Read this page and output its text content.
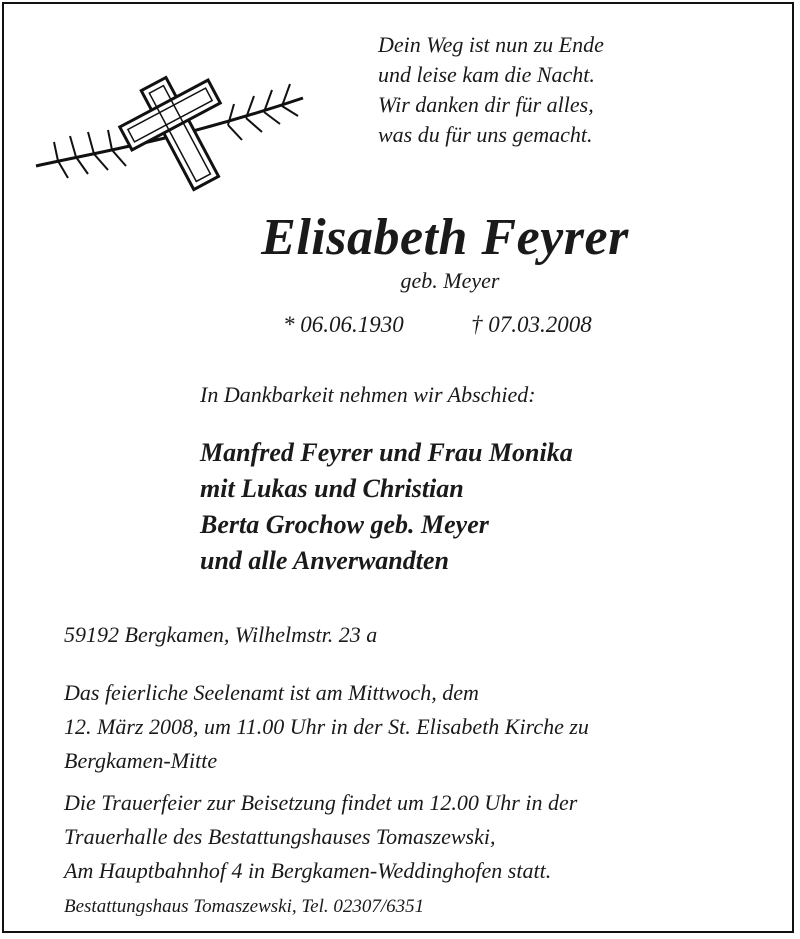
Dein Weg ist nun zu Ende
und leise kam die Nacht.
Wir danken dir für alles,
was du für uns gemacht.
Elisabeth Feyrer
geb. Meyer
* 06.06.1930	† 07.03.2008
In Dankbarkeit nehmen wir Abschied:
Manfred Feyrer und Frau Monika
mit Lukas und Christian
Berta Grochow geb. Meyer
und alle Anverwandten
59192 Bergkamen, Wilhelmstr. 23 a
Das feierliche Seelenamt ist am Mittwoch, dem
12. März 2008, um 11.00 Uhr in der St. Elisabeth Kirche zu
Bergkamen-Mitte
Die Trauerfeier zur Beisetzung findet um 12.00 Uhr in der
Trauerhalle des Bestattungshauses Tomaszewski,
Am Hauptbahnhof 4 in Bergkamen-Weddinghofen statt.
Bestattungshaus Tomaszewski, Tel. 02307/6351
